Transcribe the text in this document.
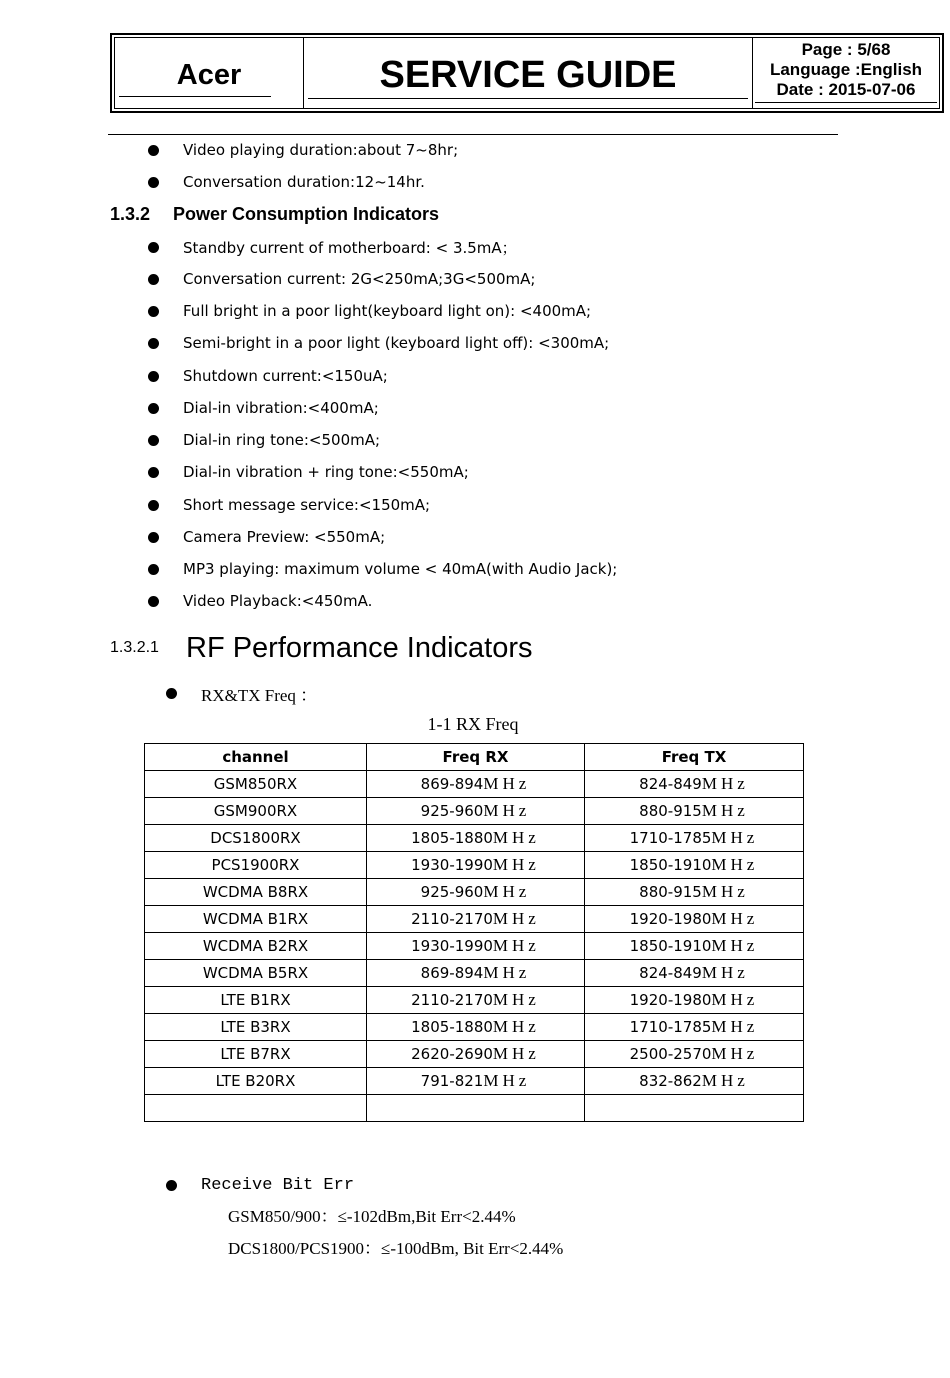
Acer	SERVICE GUIDE
Page : 5/68
Language :English
Date : 2015-07-06
Video playing duration:about 7~8hr;
Conversation duration:12~14hr.
1.3.2 Power Consumption Indicators
Standby current of motherboard: < 3.5mA；
Conversation current: 2G<250mA;3G<500mA;
Full bright in a poor light(keyboard light on): <400mA;
Semi-bright in a poor light (keyboard light off): <300mA;
Shutdown current:<150uA;
Dial-in vibration:<400mA;
Dial-in ring tone:<500mA;
Dial-in vibration + ring tone:<550mA;
Short message service:<150mA;
Camera Preview: <550mA;
MP3 playing: maximum volume < 40mA(with Audio Jack);
Video Playback:<450mA.
1.3.2.1 RF Performance Indicators
RX&TX Freq ：
1-1 RX Freq
channel	Freq RX	Freq TX
GSM850RX	869-894MHz	824-849MHz
GSM900RX	925-960MHz	880-915MHz
DCS1800RX	1805-1880MHz	1710-1785MHz
PCS1900RX	1930-1990MHz	1850-1910MHz
WCDMA B8RX	925-960MHz	880-915MHz
WCDMA B1RX	2110-2170MHz	1920-1980MHz
WCDMA B2RX	1930-1990MHz	1850-1910MHz
WCDMA B5RX	869-894MHz	824-849MHz
LTE B1RX	2110-2170MHz	1920-1980MHz
LTE B3RX	1805-1880MHz	1710-1785MHz
LTE B7RX	2620-2690MHz	2500-2570MHz
LTE B20RX	791-821MHz	832-862MHz

Receive Bit Err
GSM850/900：≤-102dBm,Bit Err<2.44%
DCS1800/PCS1900：≤-100dBm, Bit Err<2.44%
